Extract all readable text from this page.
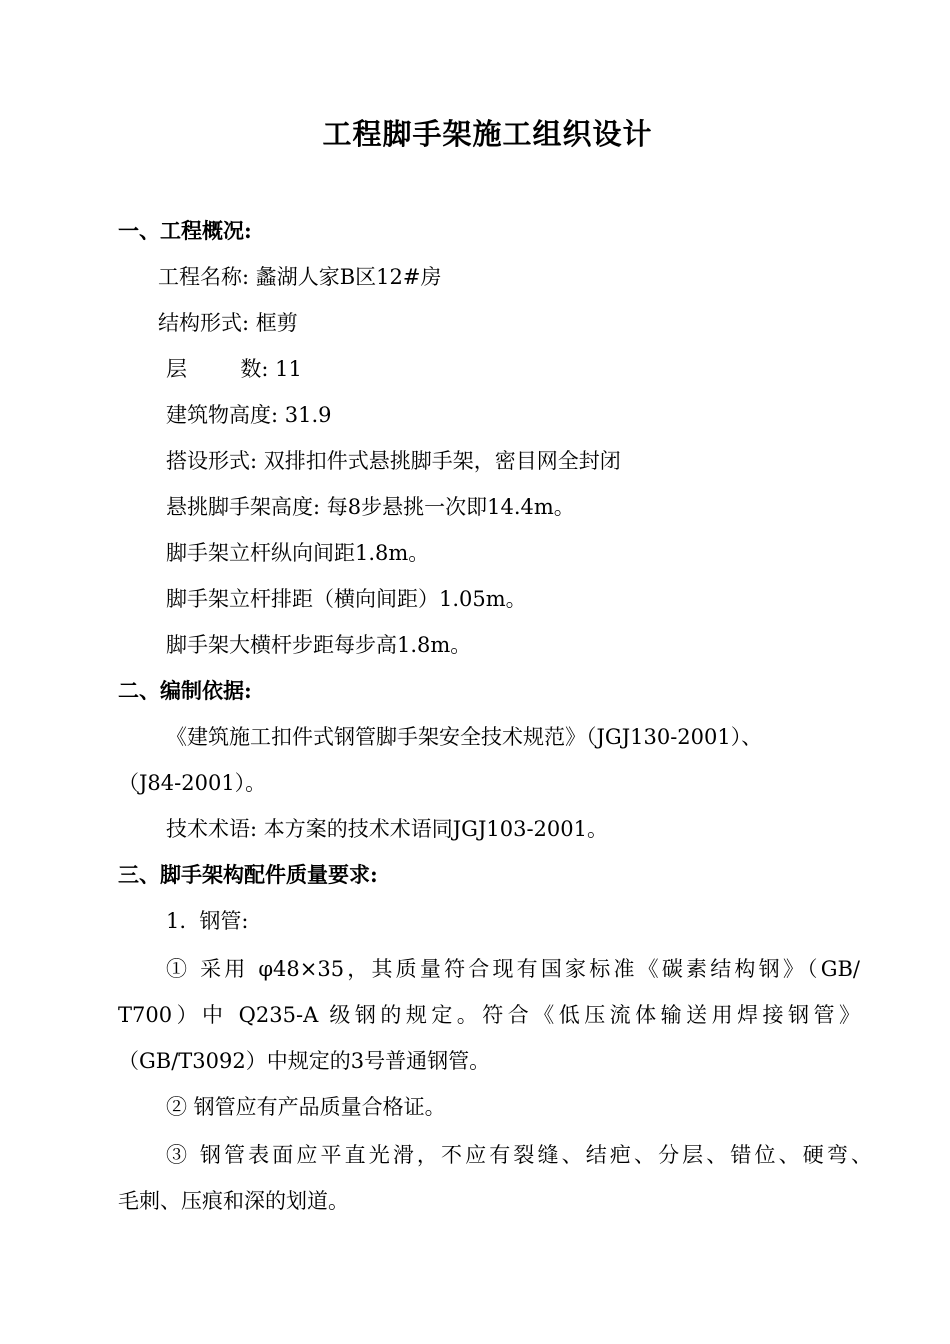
工程脚手架施工组织设计
一、工程概况:
工程名称: 蠡湖人家B区12#房
结构形式: 框剪
层        数: 11
建筑物高度: 31.9
搭设形式: 双排扣件式悬挑脚手架，密目网全封闭
悬挑脚手架高度: 每8步悬挑一次即14.4m。
脚手架立杆纵向间距1.8m。
脚手架立杆排距（横向间距）1.05m。
脚手架大横杆步距每步高1.8m。
二、编制依据:
《建筑施工扣件式钢管脚手架安全技术规范》（JGJ130-2001）、
（J84-2001）。
技术术语: 本方案的技术术语同JGJ103-2001。
三、脚手架构配件质量要求:
1.  钢管:
① 采用 φ48×35，其质量符合现有国家标准《碳素结构钢》（GB/
T700）中 Q235-A 级钢的规定。符合《低压流体输送用焊接钢管》
（GB/T3092）中规定的3号普通钢管。
② 钢管应有产品质量合格证。
③ 钢管表面应平直光滑，不应有裂缝、结疤、分层、错位、硬弯、
毛刺、压痕和深的划道。
